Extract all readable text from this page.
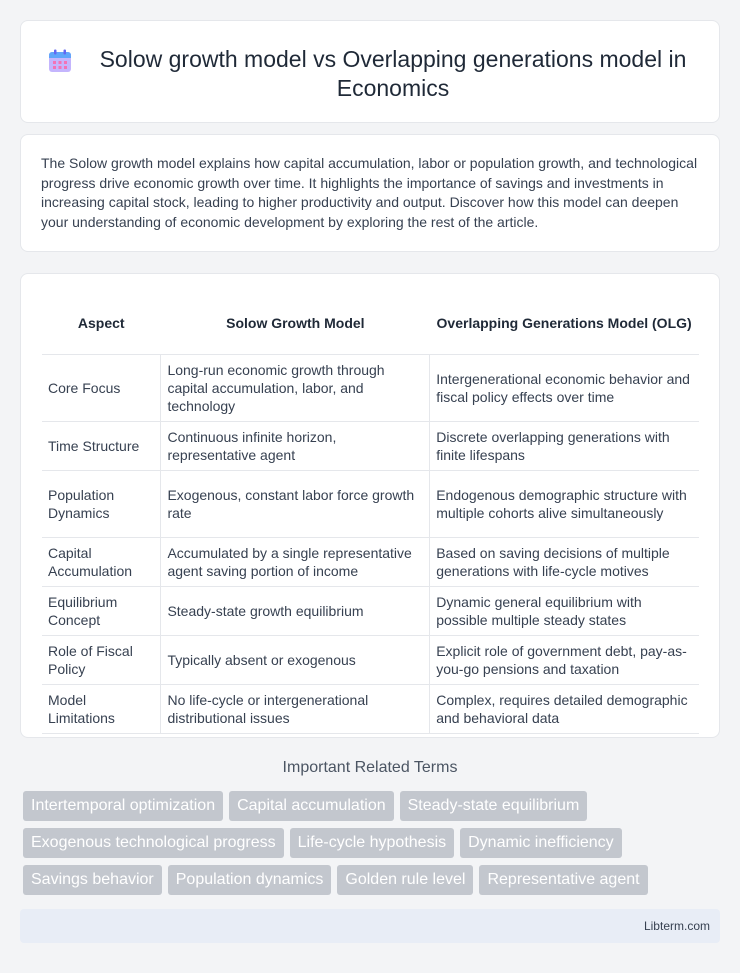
Solow growth model vs Overlapping generations model in Economics

The Solow growth model explains how capital accumulation, labor or population growth, and technological progress drive economic growth over time. It highlights the importance of savings and investments in increasing capital stock, leading to higher productivity and output. Discover how this model can deepen your understanding of economic development by exploring the rest of the article.

Aspect	Solow Growth Model	Overlapping Generations Model (OLG)
Core Focus	Long-run economic growth through capital accumulation, labor, and technology	Intergenerational economic behavior and fiscal policy effects over time
Time Structure	Continuous infinite horizon, representative agent	Discrete overlapping generations with finite lifespans
Population Dynamics	Exogenous, constant labor force growth rate	Endogenous demographic structure with multiple cohorts alive simultaneously
Capital Accumulation	Accumulated by a single representative agent saving portion of income	Based on saving decisions of multiple generations with life-cycle motives
Equilibrium Concept	Steady-state growth equilibrium	Dynamic general equilibrium with possible multiple steady states
Role of Fiscal Policy	Typically absent or exogenous	Explicit role of government debt, pay-as-you-go pensions and taxation
Model Limitations	No life-cycle or intergenerational distributional issues	Complex, requires detailed demographic and behavioral data
Important Related Terms
Intertemporal optimization	Capital accumulation	Steady-state equilibrium
Exogenous technological progress	Life-cycle hypothesis	Dynamic inefficiency
Savings behavior	Population dynamics	Golden rule level	Representative agent
Libterm.com
